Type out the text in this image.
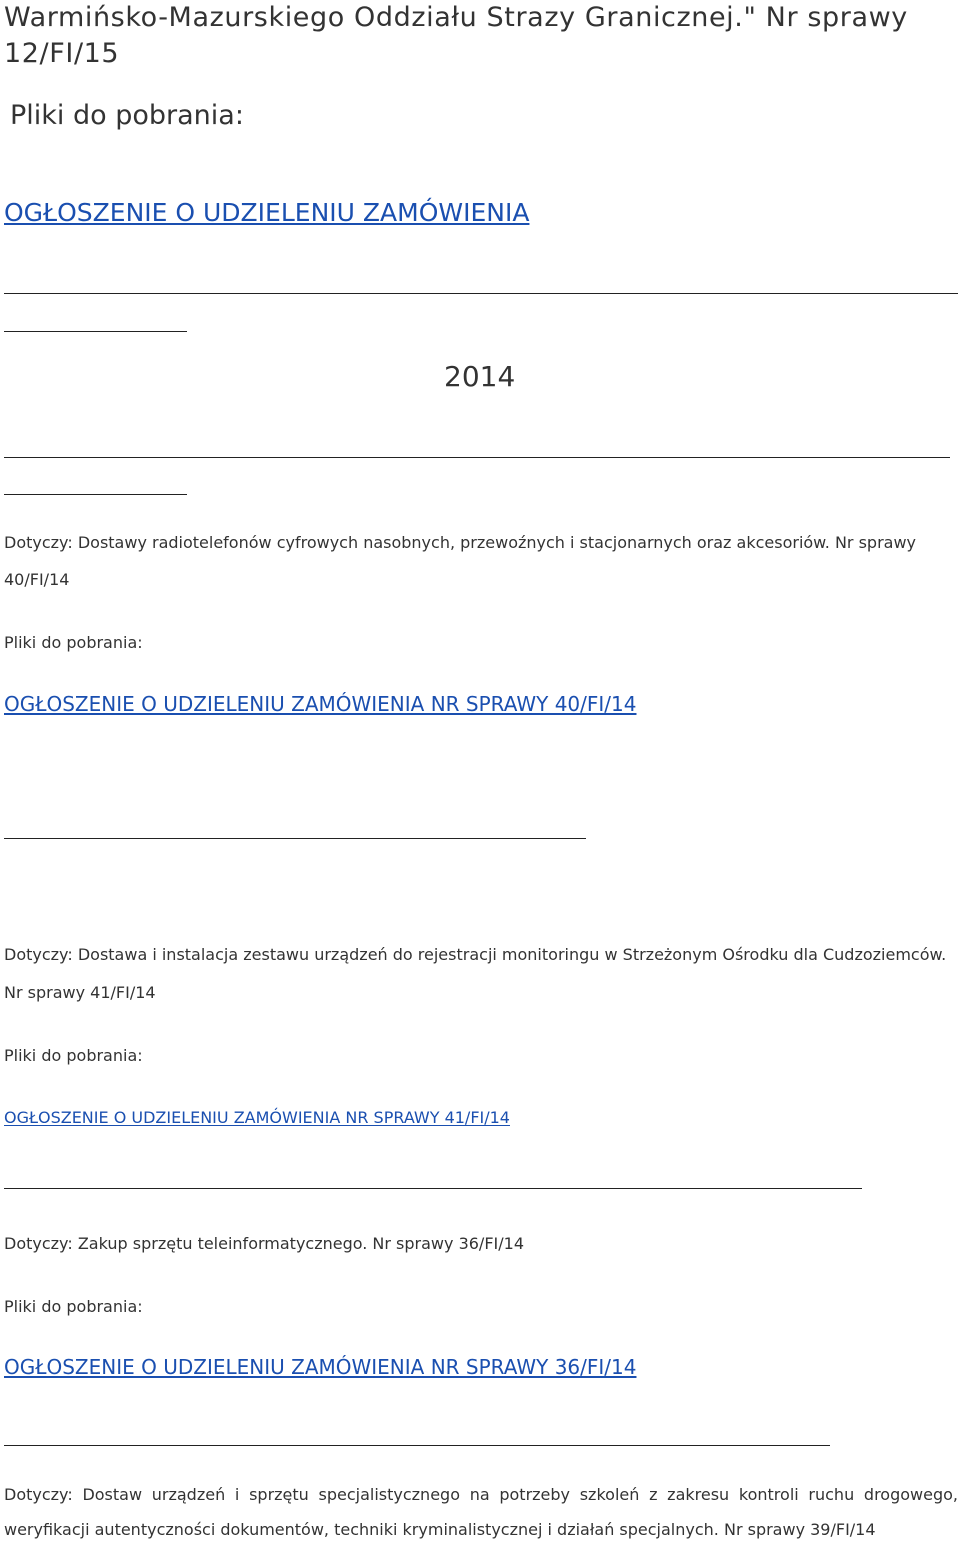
Warmińsko-Mazurskiego Oddziału Strazy Granicznej." Nr sprawy
12/FI/15
Pliki do pobrania:
OGŁOSZENIE O UDZIELENIU ZAMÓWIENIA
2014
Dotyczy: Dostawy radiotelefonów cyfrowych nasobnych, przewoźnych i stacjonarnych oraz akcesoriów. Nr sprawy
40/FI/14
Pliki do pobrania:
OGŁOSZENIE O UDZIELENIU ZAMÓWIENIA NR SPRAWY 40/FI/14
Dotyczy: Dostawa i instalacja zestawu urządzeń do rejestracji monitoringu w Strzeżonym Ośrodku dla Cudzoziemców.
Nr sprawy 41/FI/14
Pliki do pobrania:
OGŁOSZENIE O UDZIELENIU ZAMÓWIENIA NR SPRAWY 41/FI/14
Dotyczy: Zakup sprzętu teleinformatycznego. Nr sprawy 36/FI/14
Pliki do pobrania:
OGŁOSZENIE O UDZIELENIU ZAMÓWIENIA NR SPRAWY 36/FI/14
Dotyczy: Dostaw urządzeń i sprzętu specjalistycznego na potrzeby szkoleń z zakresu kontroli ruchu drogowego,
weryfikacji autentyczności dokumentów, techniki kryminalistycznej i działań specjalnych. Nr sprawy 39/FI/14
